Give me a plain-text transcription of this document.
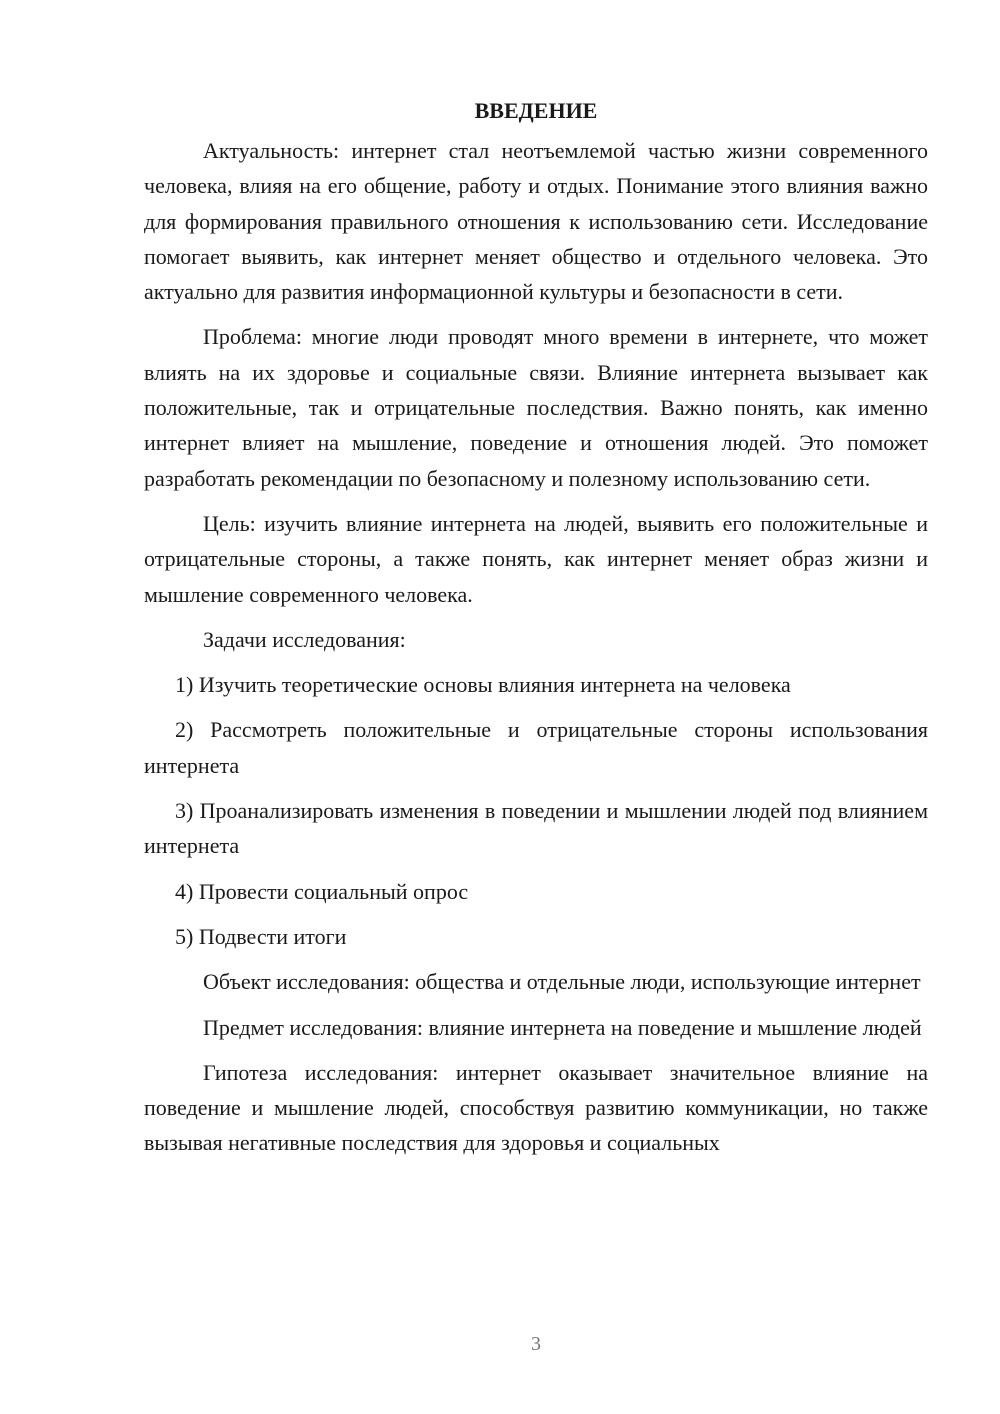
ВВЕДЕНИЕ

Актуальность: интернет стал неотъемлемой частью жизни современного человека, влияя на его общение, работу и отдых. Понимание этого влияния важно для формирования правильного отношения к использованию сети. Исследование помогает выявить, как интернет меняет общество и отдельного человека. Это актуально для развития информационной культуры и безопасности в сети.

Проблема: многие люди проводят много времени в интернете, что может влиять на их здоровье и социальные связи. Влияние интернета вызывает как положительные, так и отрицательные последствия. Важно понять, как именно интернет влияет на мышление, поведение и отношения людей. Это поможет разработать рекомендации по безопасному и полезному использованию сети.

Цель: изучить влияние интернета на людей, выявить его положительные и отрицательные стороны, а также понять, как интернет меняет образ жизни и мышление современного человека.

Задачи исследования:

1) Изучить теоретические основы влияния интернета на человека

2) Рассмотреть положительные и отрицательные стороны использования интернета

3) Проанализировать изменения в поведении и мышлении людей под влиянием интернета

4) Провести социальный опрос

5) Подвести итоги

Объект исследования: общества и отдельные люди, использующие интернет

Предмет исследования: влияние интернета на поведение и мышление людей

Гипотеза исследования: интернет оказывает значительное влияние на поведение и мышление людей, способствуя развитию коммуникации, но также вызывая негативные последствия для здоровья и социальных

3
